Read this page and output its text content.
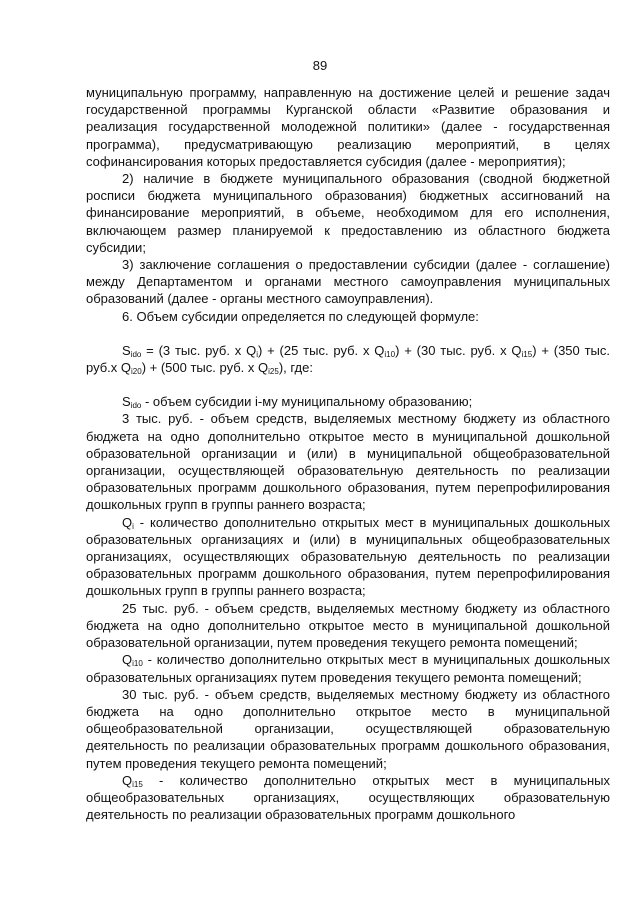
89

муниципальную программу, направленную на достижение целей и решение задач государственной программы Курганской области «Развитие образования и реализация государственной молодежной политики» (далее - государственная программа), предусматривающую реализацию мероприятий, в целях софинансирования которых предоставляется субсидия (далее - мероприятия);

2) наличие в бюджете муниципального образования (сводной бюджетной росписи бюджета муниципального образования) бюджетных ассигнований на финансирование мероприятий, в объеме, необходимом для его исполнения, включающем размер планируемой к предоставлению из областного бюджета субсидии;

3) заключение соглашения о предоставлении субсидии (далее - соглашение) между Департаментом и органами местного самоуправления муниципальных образований (далее - органы местного самоуправления).

6. Объем субсидии определяется по следующей формуле:

$S_{ido} = (3$ тыс. руб. х $Q_i) + (25$ тыс. руб. х $Q_{i10}) + (30$ тыс. руб. х $Q_{i15}) + (350$ тыс. руб.х $Q_{i20}) + (500$ тыс. руб. х $Q_{i25}$), где:

$S_{ido}$ - объем субсидии i-му муниципальному образованию;

3 тыс. руб. - объем средств, выделяемых местному бюджету из областного бюджета на одно дополнительно открытое место в муниципальной дошкольной образовательной организации и (или) в муниципальной общеобразовательной организации, осуществляющей образовательную деятельность по реализации образовательных программ дошкольного образования, путем перепрофилирования дошкольных групп в группы раннего возраста;

$Q_i$ - количество дополнительно открытых мест в муниципальных дошкольных образовательных организациях и (или) в муниципальных общеобразовательных организациях, осуществляющих образовательную деятельность по реализации образовательных программ дошкольного образования, путем перепрофилирования дошкольных групп в группы раннего возраста;

25 тыс. руб. - объем средств, выделяемых местному бюджету из областного бюджета на одно дополнительно открытое место в муниципальной дошкольной образовательной организации, путем проведения текущего ремонта помещений;

$Q_{i10}$ - количество дополнительно открытых мест в муниципальных дошкольных образовательных организациях путем проведения текущего ремонта помещений;

30 тыс. руб. - объем средств, выделяемых местному бюджету из областного бюджета на одно дополнительно открытое место в муниципальной общеобразовательной организации, осуществляющей образовательную деятельность по реализации образовательных программ дошкольного образования, путем проведения текущего ремонта помещений;

$Q_{i15}$ - количество дополнительно открытых мест в муниципальных общеобразовательных организациях, осуществляющих образовательную деятельность по реализации образовательных программ дошкольного
